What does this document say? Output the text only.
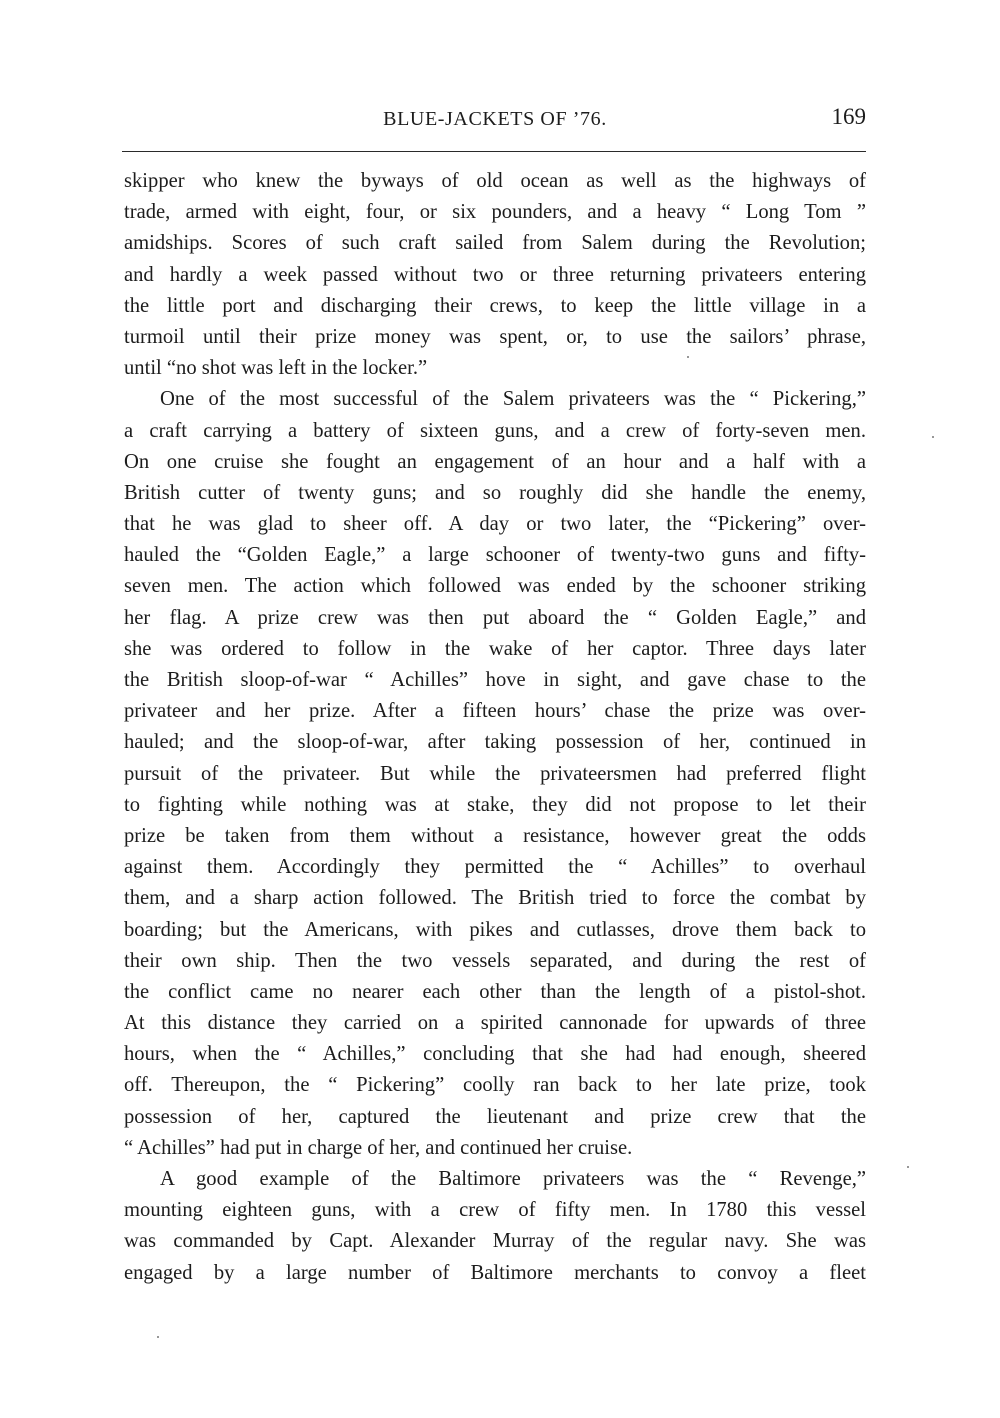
BLUE-JACKETS OF ’76.	169
skipper who knew the byways of old ocean as well as the highways of
trade, armed with eight, four, or six pounders, and a heavy “ Long Tom ”
amidships. Scores of such craft sailed from Salem during the Revolution;
and hardly a week passed without two or three returning privateers entering
the little port and discharging their crews, to keep the little village in a
turmoil until their prize money was spent, or, to use the sailors’ phrase,
until “no shot was left in the locker.”
One of the most successful of the Salem privateers was the “ Pickering,”
a craft carrying a battery of sixteen guns, and a crew of forty-seven men.
On one cruise she fought an engagement of an hour and a half with a
British cutter of twenty guns; and so roughly did she handle the enemy,
that he was glad to sheer off. A day or two later, the “Pickering” over-
hauled the “Golden Eagle,” a large schooner of twenty-two guns and fifty-
seven men. The action which followed was ended by the schooner striking
her flag. A prize crew was then put aboard the “ Golden Eagle,” and
she was ordered to follow in the wake of her captor. Three days later
the British sloop-of-war “ Achilles” hove in sight, and gave chase to the
privateer and her prize. After a fifteen hours’ chase the prize was over-
hauled; and the sloop-of-war, after taking possession of her, continued in
pursuit of the privateer. But while the privateersmen had preferred flight
to fighting while nothing was at stake, they did not propose to let their
prize be taken from them without a resistance, however great the odds
against them. Accordingly they permitted the “ Achilles” to overhaul
them, and a sharp action followed. The British tried to force the combat by
boarding; but the Americans, with pikes and cutlasses, drove them back to
their own ship. Then the two vessels separated, and during the rest of
the conflict came no nearer each other than the length of a pistol-shot.
At this distance they carried on a spirited cannonade for upwards of three
hours, when the “ Achilles,” concluding that she had had enough, sheered
off. Thereupon, the “ Pickering” coolly ran back to her late prize, took
possession of her, captured the lieutenant and prize crew that the
“ Achilles” had put in charge of her, and continued her cruise.
A good example of the Baltimore privateers was the “ Revenge,”
mounting eighteen guns, with a crew of fifty men. In 1780 this vessel
was commanded by Capt. Alexander Murray of the regular navy. She was
engaged by a large number of Baltimore merchants to convoy a fleet
